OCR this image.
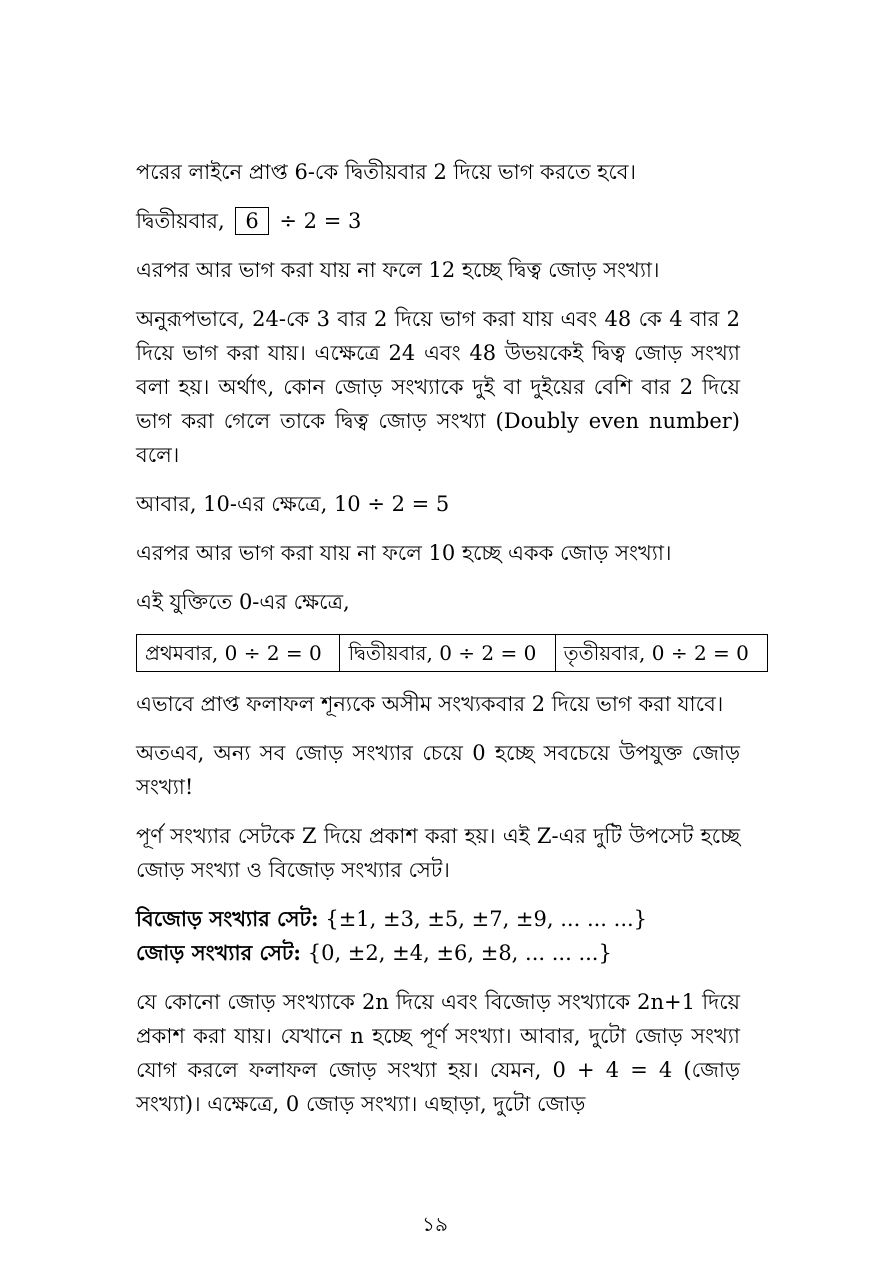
পরের লাইনে প্রাপ্ত 6-কে দ্বিতীয়বার 2 দিয়ে ভাগ করতে হবে।

দ্বিতীয়বার, 6 ÷ 2 = 3

এরপর আর ভাগ করা যায় না ফলে 12 হচ্ছে দ্বিত্ব জোড় সংখ্যা।

অনুরূপভাবে, 24-কে 3 বার 2 দিয়ে ভাগ করা যায় এবং 48 কে 4 বার 2 দিয়ে ভাগ করা যায়। এক্ষেত্রে 24 এবং 48 উভয়কেই দ্বিত্ব জোড় সংখ্যা বলা হয়। অর্থাৎ, কোন জোড় সংখ্যাকে দুই বা দুইয়ের বেশি বার 2 দিয়ে ভাগ করা গেলে তাকে দ্বিত্ব জোড় সংখ্যা (Doubly even number) বলে।

আবার, 10-এর ক্ষেত্রে, 10 ÷ 2 = 5

এরপর আর ভাগ করা যায় না ফলে 10 হচ্ছে একক জোড় সংখ্যা।

এই যুক্তিতে 0-এর ক্ষেত্রে,

প্রথমবার, 0 ÷ 2 = 0	দ্বিতীয়বার, 0 ÷ 2 = 0	তৃতীয়বার, 0 ÷ 2 = 0

এভাবে প্রাপ্ত ফলাফল শূন্যকে অসীম সংখ্যকবার 2 দিয়ে ভাগ করা যাবে।

অতএব, অন্য সব জোড় সংখ্যার চেয়ে 0 হচ্ছে সবচেয়ে উপযুক্ত জোড় সংখ্যা!

পূর্ণ সংখ্যার সেটকে Z দিয়ে প্রকাশ করা হয়। এই Z-এর দুটি উপসেট হচ্ছে জোড় সংখ্যা ও বিজোড় সংখ্যার সেট।

বিজোড় সংখ্যার সেট: {±1, ±3, ±5, ±7, ±9, ... ... ...}

জোড় সংখ্যার সেট: {0, ±2, ±4, ±6, ±8, ... ... ...}

যে কোনো জোড় সংখ্যাকে 2n দিয়ে এবং বিজোড় সংখ্যাকে 2n+1 দিয়ে প্রকাশ করা যায়। যেখানে n হচ্ছে পূর্ণ সংখ্যা। আবার, দুটো জোড় সংখ্যা যোগ করলে ফলাফল জোড় সংখ্যা হয়। যেমন, 0 + 4 = 4 (জোড় সংখ্যা)। এক্ষেত্রে, 0 জোড় সংখ্যা। এছাড়া, দুটো জোড়

১৯
